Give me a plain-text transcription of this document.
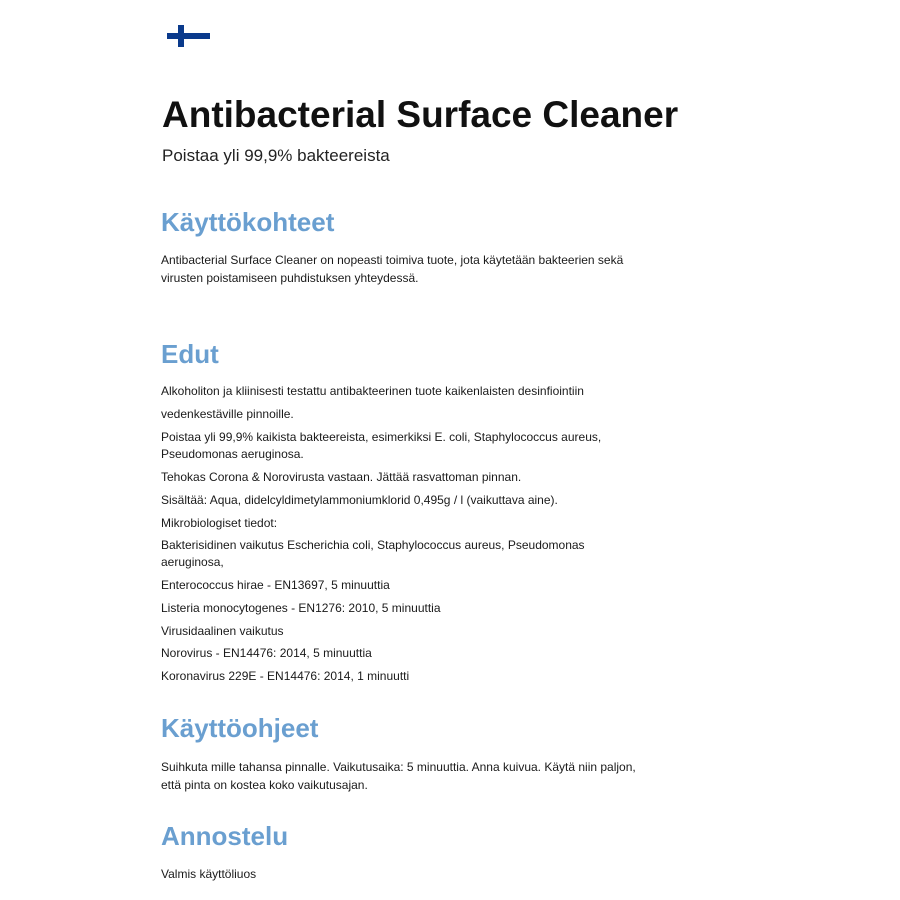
Antibacterial Surface Cleaner

Poistaa yli 99,9% bakteereista

Käyttökohteet

Antibacterial Surface Cleaner on nopeasti toimiva tuote, jota käytetään bakteerien sekä

virusten poistamiseen puhdistuksen yhteydessä.

Edut

Alkoholiton ja kliinisesti testattu antibakteerinen tuote kaikenlaisten desinfiointiin

vedenkestäville pinnoille.

Poistaa yli 99,9% kaikista bakteereista, esimerkiksi E. coli, Staphylococcus aureus,

Pseudomonas aeruginosa.

Tehokas Corona & Norovirusta vastaan. Jättää rasvattoman pinnan.

Sisältää: Aqua, didelcyldimetylammoniumklorid 0,495g / l (vaikuttava aine).

Mikrobiologiset tiedot:

Bakterisidinen vaikutus Escherichia coli, Staphylococcus aureus, Pseudomonas

aeruginosa,

Enterococcus hirae - EN13697, 5 minuuttia

Listeria monocytogenes - EN1276: 2010, 5 minuuttia

Virusidaalinen vaikutus

Norovirus - EN14476: 2014, 5 minuuttia

Koronavirus 229E - EN14476: 2014, 1 minuutti

Käyttöohjeet

Suihkuta mille tahansa pinnalle. Vaikutusaika: 5 minuuttia. Anna kuivua. Käytä niin paljon,

että pinta on kostea koko vaikutusajan.

Annostelu

Valmis käyttöliuos
